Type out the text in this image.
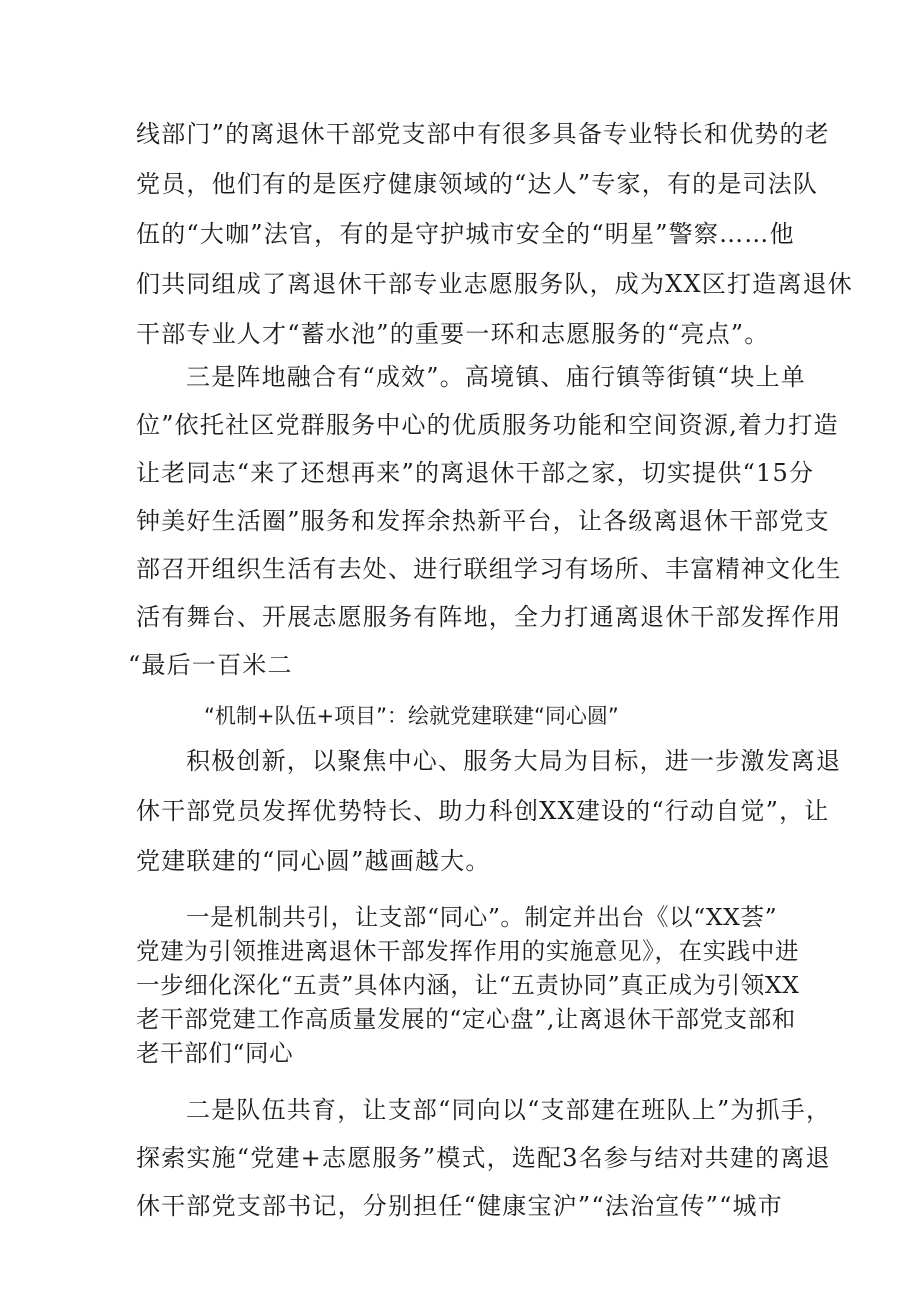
线部门”的离退休干部党支部中有很多具备专业特长和优势的老
党员，他们有的是医疗健康领域的“达人”专家，有的是司法队
伍的“大咖”法官，有的是守护城市安全的“明星”警察……他
们共同组成了离退休干部专业志愿服务队，成为XX区打造离退休
干部专业人才“蓄水池”的重要一环和志愿服务的“亮点”。
三是阵地融合有“成效”。高境镇、庙行镇等街镇“块上单
位”依托社区党群服务中心的优质服务功能和空间资源,着力打造
让老同志“来了还想再来”的离退休干部之家，切实提供“15分
钟美好生活圈”服务和发挥余热新平台，让各级离退休干部党支
部召开组织生活有去处、进行联组学习有场所、丰富精神文化生
活有舞台、开展志愿服务有阵地，全力打通离退休干部发挥作用
“最后一百米二
“机制+队伍+项目”：绘就党建联建“同心圆”
积极创新，以聚焦中心、服务大局为目标，进一步激发离退
休干部党员发挥优势特长、助力科创XX建设的“行动自觉”，让
党建联建的“同心圆”越画越大。
一是机制共引，让支部“同心”。制定并出台《以“XX荟”
党建为引领推进离退休干部发挥作用的实施意见》，在实践中进
一步细化深化“五责”具体内涵，让“五责协同”真正成为引领XX
老干部党建工作高质量发展的“定心盘”,让离退休干部党支部和
老干部们“同心
二是队伍共育，让支部“同向以“支部建在班队上”为抓手，
探索实施“党建+志愿服务”模式，选配3名参与结对共建的离退
休干部党支部书记，分别担任“健康宝沪”“法治宣传”“城市
